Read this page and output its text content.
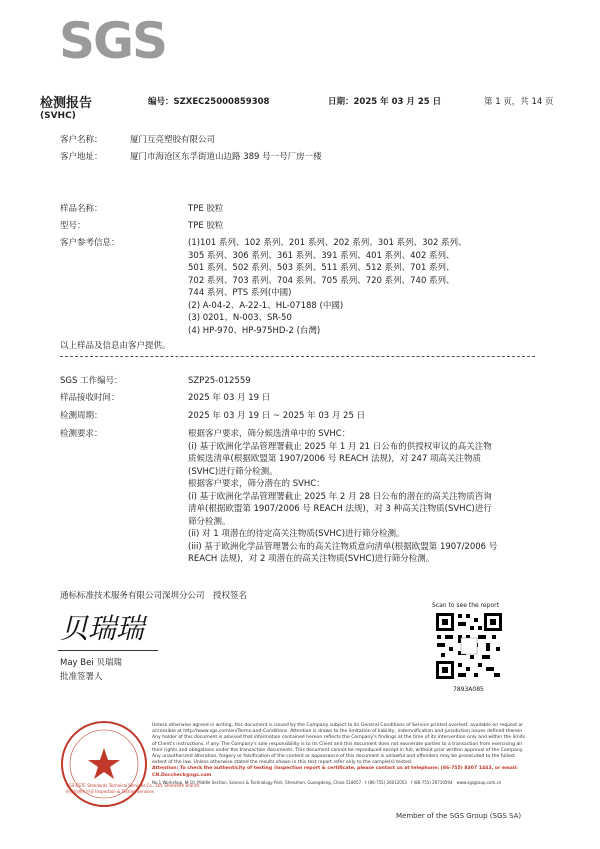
SGS
检测报告
(SVHC)
编号：SZXEC25000859308	日期：2025 年 03 月 25 日	第 1 页，共 14 页
客户名称：	厦门互亮塑胶有限公司
客户地址：	厦门市海沧区东孚街道山边路 389 号一号厂房一楼
样品名称：	TPE 胶粒
型号：	TPE 胶粒
客户参考信息：	(1)101 系列、102 系列、201 系列、202 系列、301 系列、302 系列、
305 系列、306 系列、361 系列、391 系列、401 系列、402 系列、
501 系列、502 系列、503 系列、511 系列、512 系列、701 系列、
702 系列、703 系列、704 系列、705 系列、720 系列、740 系列、
744 系列、PTS 系列(中國)
(2) A-04-2、A-22-1、HL-07188 (中國)
(3) 0201、N-003、SR-50
(4) HP-970、HP-975HD-2 (台灣)
以上样品及信息由客户提供。
SGS 工作编号：	SZP25-012559
样品接收时间：	2025 年 03 月 19 日
检测周期：	2025 年 03 月 19 日 ~ 2025 年 03 月 25 日
检测要求：	根据客户要求，筛分候选清单中的 SVHC：
(i) 基于欧洲化学品管理署截止 2025 年 1 月 21 日公布的供授权审议的高关注物
质候选清单(根据欧盟第 1907/2006 号 REACH 法规)，对 247 项高关注物质
(SVHC)进行筛分检测。
根据客户要求，筛分潜在的 SVHC：
(i) 基于欧洲化学品管理署截止 2025 年 2 月 28 日公布的潜在的高关注物质咨询
清单(根据欧盟第 1907/2006 号 REACH 法规)，对 3 种高关注物质(SVHC)进行
筛分检测。
(ii) 对 1 项潜在的待定高关注物质(SVHC)进行筛分检测。
(iii) 基于欧洲化学品管理署公布的高关注物质意向清单(根据欧盟第 1907/2006 号
REACH 法规)，对 2 项潜在的高关注物质(SVHC)进行筛分检测。
通标标准技术服务有限公司深圳分公司　授权签名
贝瑞瑞
May Bei 贝瑞瑞
批准签署人
Scan to see the report
7893A085
SGS-CSTC Standards Technical Services Co., Ltd. Shenzhen Branch
检验检测专用章 Inspection & Testing Services
Unless otherwise agreed in writing, this document is issued by the Company subject to its General Conditions of Service printed overleaf, available on request or accessible at http://www.sgs.com/en/Terms-and-Conditions. Attention is drawn to the limitation of liability, indemnification and jurisdiction issues defined therein. Any holder of this document is advised that information contained hereon reflects the Company's findings at the time of its intervention only and within the limits of Client's instructions, if any. The Company's sole responsibility is to its Client and this document does not exonerate parties to a transaction from exercising all their rights and obligations under the transaction documents. This document cannot be reproduced except in full, without prior written approval of the Company. Any unauthorized alteration, forgery or falsification of the content or appearance of this document is unlawful and offenders may be prosecuted to the fullest extent of the law. Unless otherwise stated the results shown in this test report refer only to the sample(s) tested.
Attention: To check the authenticity of testing /inspection report & certificate, please contact us at telephone: (86-755) 8307 1443, or email: CN.Doccheck@sgs.com
No.1 Workshop, M-10, Middle Section, Science & Technology Park, Shenzhen, Guangdong, China 518057　t (86-755) 26012053　f (86-755) 26710594　www.sgsgroup.com.cn
Member of the SGS Group (SGS SA)
